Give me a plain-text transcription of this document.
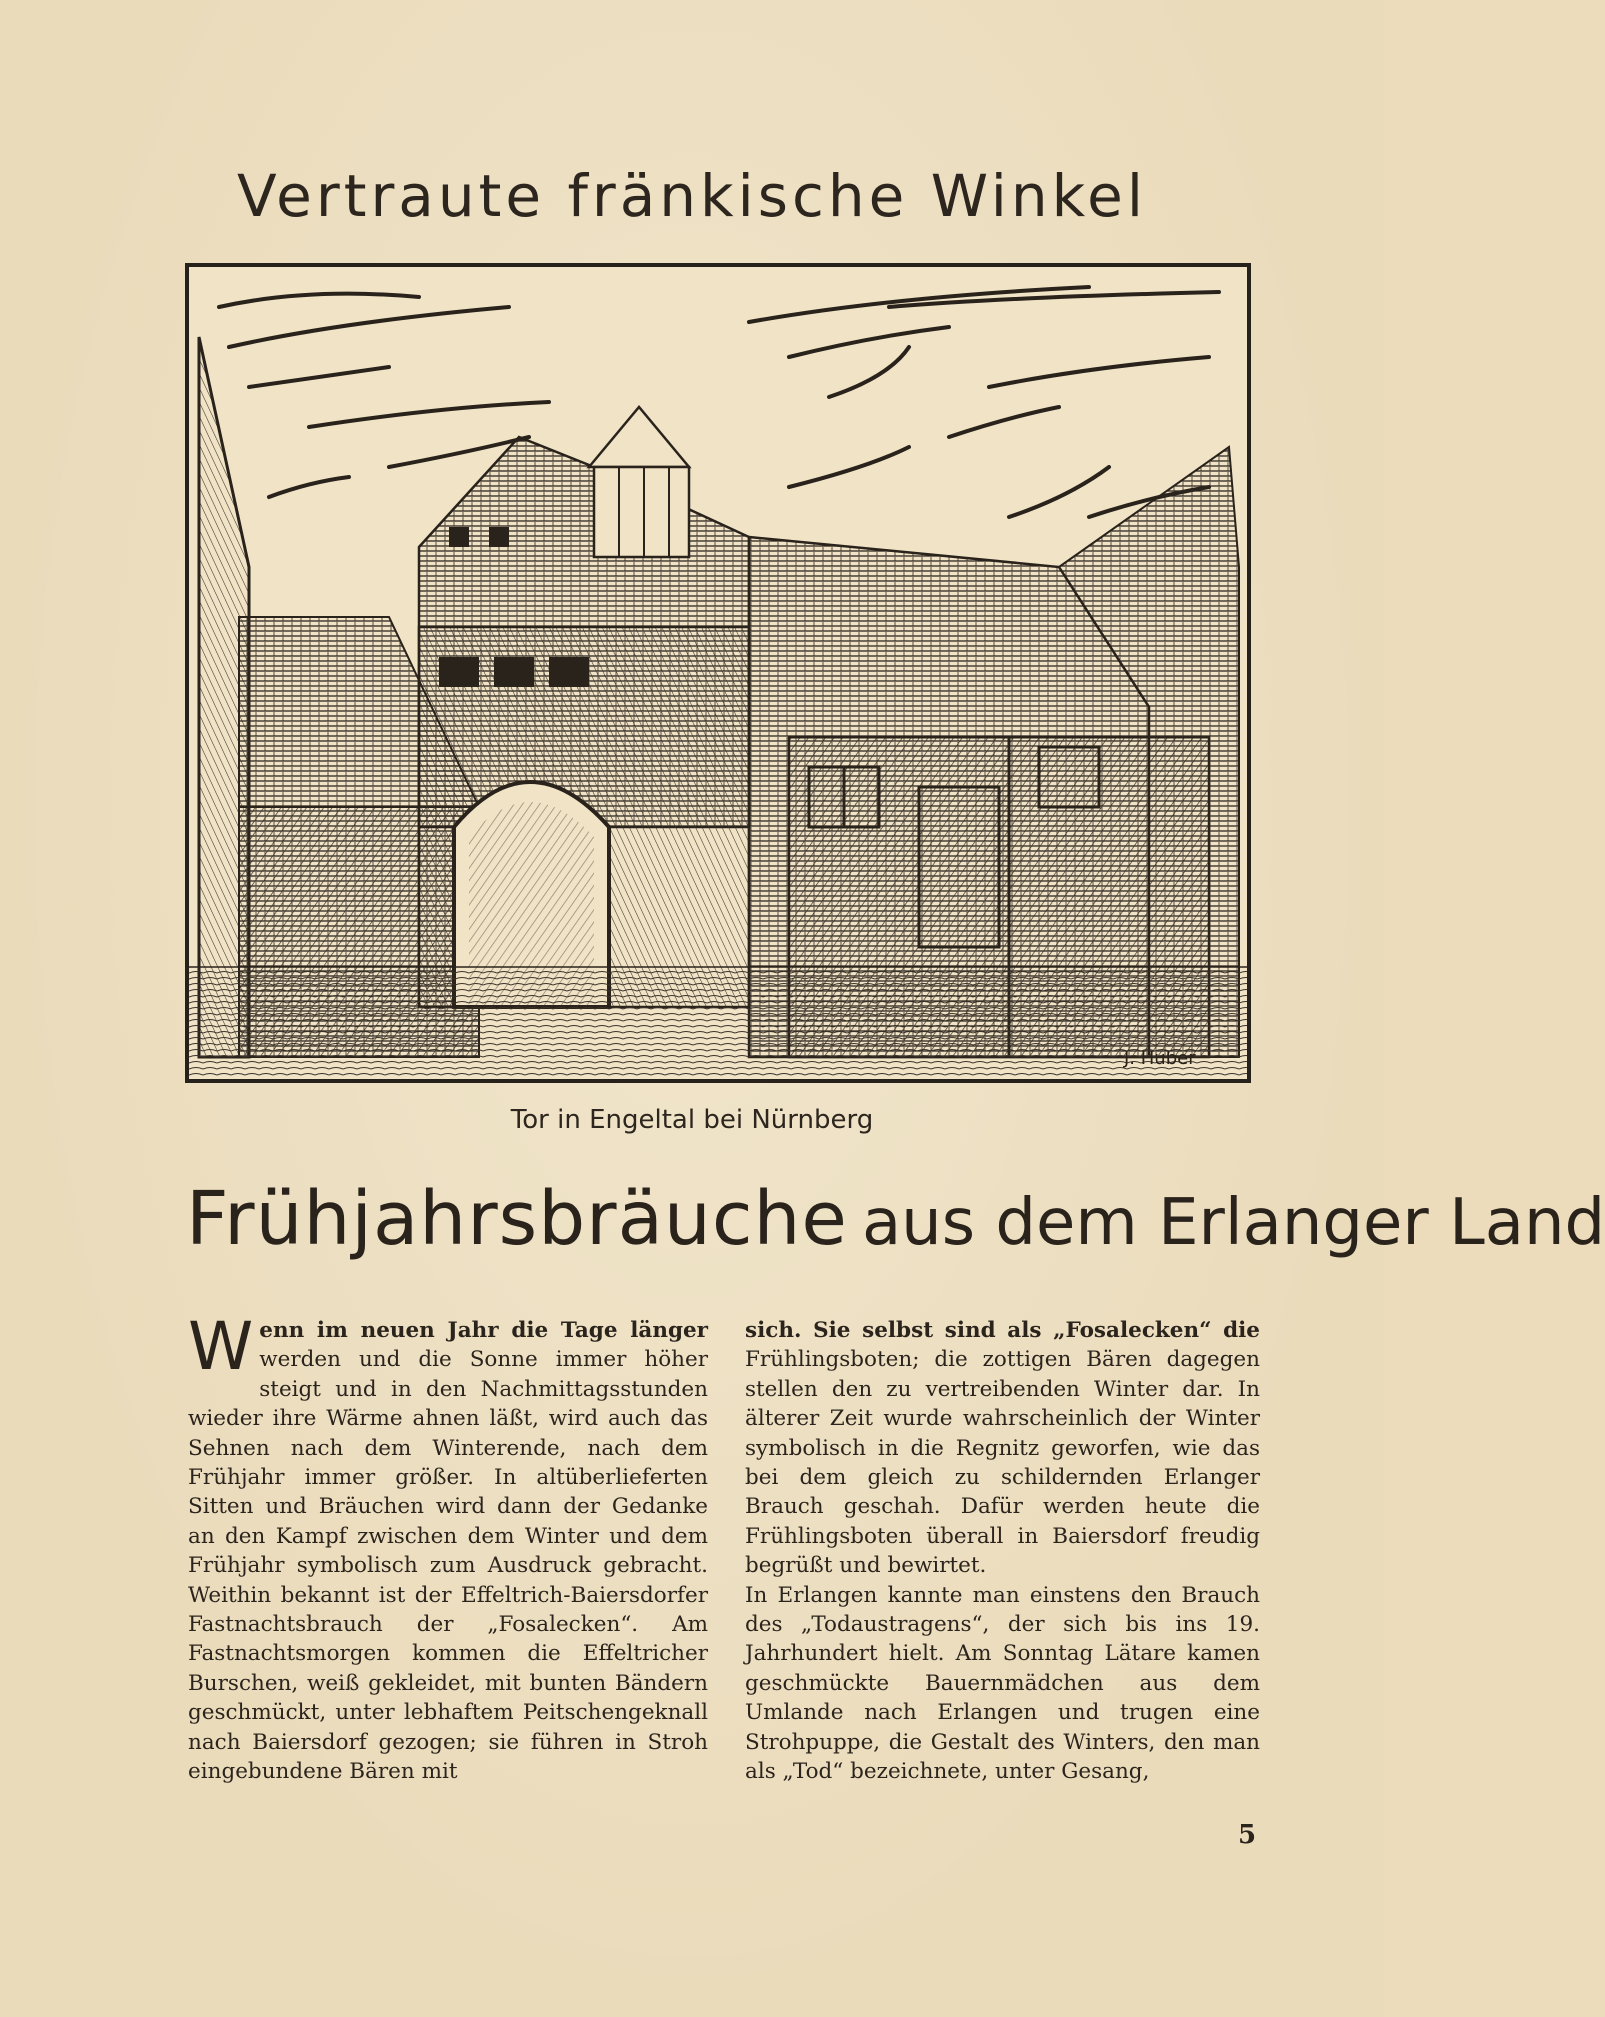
Vertraute fränkische Winkel
J. Huber
Tor in Engeltal bei Nürnberg
Frühjahrsbräuche aus dem Erlanger Land
Wenn im neuen Jahr die Tage länger werden und die Sonne immer höher steigt und in den Nachmittagsstunden wieder ihre Wärme ahnen läßt, wird auch das Sehnen nach dem Winterende, nach dem Frühjahr immer größer. In altüberlieferten Sitten und Bräuchen wird dann der Gedanke an den Kampf zwischen dem Winter und dem Frühjahr symbolisch zum Ausdruck gebracht. Weithin bekannt ist der Effeltrich-Baiersdorfer Fastnachtsbrauch der „Fosalecken“. Am Fastnachtsmorgen kommen die Effeltricher Burschen, weiß gekleidet, mit bunten Bändern geschmückt, unter lebhaftem Peitschengeknall nach Baiersdorf gezogen; sie führen in Stroh eingebundene Bären mit
sich. Sie selbst sind als „Fosalecken“ die Frühlingsboten; die zottigen Bären dagegen stellen den zu vertreibenden Winter dar. In älterer Zeit wurde wahrscheinlich der Winter symbolisch in die Regnitz geworfen, wie das bei dem gleich zu schildernden Erlanger Brauch geschah. Dafür werden heute die Frühlingsboten überall in Baiersdorf freudig begrüßt und bewirtet.
In Erlangen kannte man einstens den Brauch des „Todaustragens“, der sich bis ins 19. Jahrhundert hielt. Am Sonntag Lätare kamen geschmückte Bauernmädchen aus dem Umlande nach Erlangen und trugen eine Strohpuppe, die Gestalt des Winters, den man als „Tod“ bezeichnete, unter Gesang,
5
